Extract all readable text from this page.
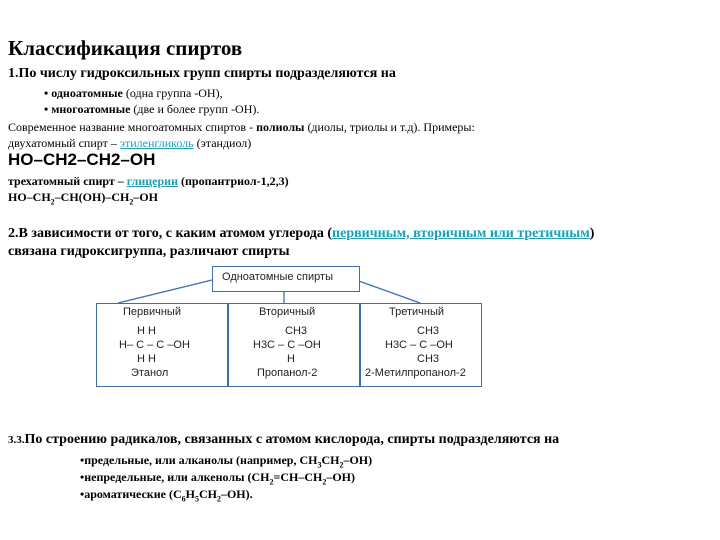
Классификация спиртов
1.По числу гидроксильных групп спирты подразделяются на
• одноатомные (одна группа -OH),
• многоатомные (две и более групп -OH).
Современное название многоатомных спиртов - полиолы (диолы, триолы и т.д). Примеры:
двухатомный спирт – этиленгликоль (этандиол)
HO–CH2–CH2–OH
трехатомный спирт – глицерин (пропантриол-1,2,3)
$HO-CH_2-CH(OH)-CH_2-OH$
2.В зависимости от того, с каким атомом углерода (первичным, вторичным или третичным)
связана гидроксигруппа, различают спирты
Одноатомные спирты
Первичный
H H
H– C – C –OH
H H
Этанол
Вторичный
CH3
H3C – C –OH
H
Пропанол-2
Третичный
CH3
H3C – C –OH
CH3
2-Метилпропанол-2
3.3.По строению радикалов, связанных с атомом кислорода, спирты подразделяются на
•предельные, или алканолы (например, $CH_3CH_2-OH$)
•непредельные, или алкенолы $(CH_2=CH-CH_2-OH)$
•ароматические $(C_6H_5CH_2-OH)$.
